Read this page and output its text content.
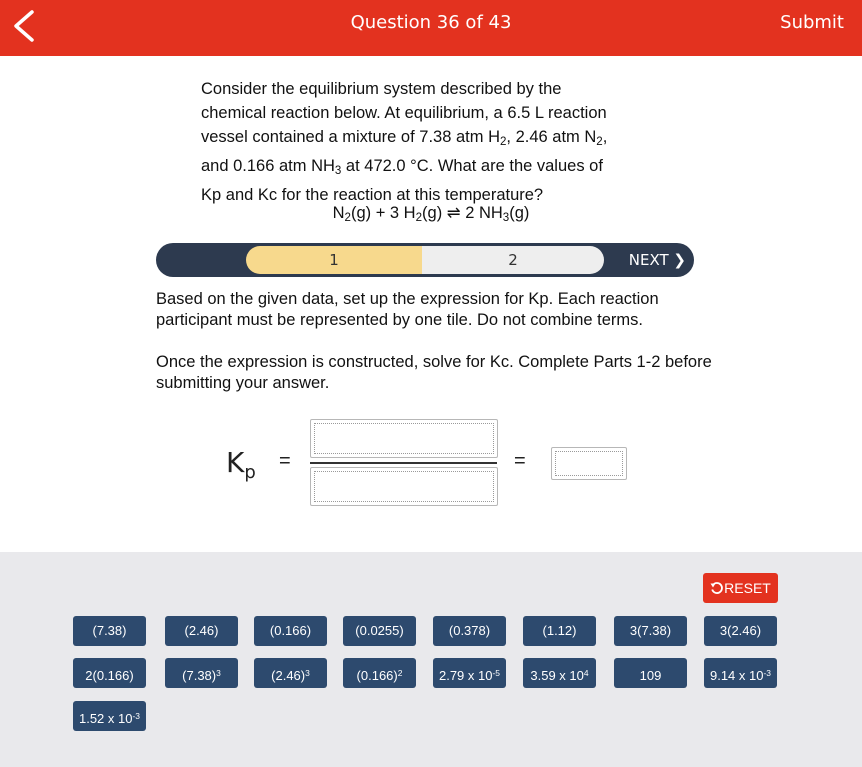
Question 36 of 43	Submit
Consider the equilibrium system described by the
chemical reaction below. At equilibrium, a 6.5 L reaction
vessel contained a mixture of 7.38 atm $H_2$, 2.46 atm $N_2$,
and 0.166 atm $NH_3$ at 472.0 °C. What are the values of
Kp and Kc for the reaction at this temperature?
$N_2(g) + 3$ $H_2(g)$ ⇌ 2 $NH_3(g)$
1	2	NEXT ❯
Based on the given data, set up the expression for Kp. Each reaction participant must be represented by one tile. Do not combine terms.
Once the expression is constructed, solve for Kc. Complete Parts 1-2 before submitting your answer.
$K_p$
=	=
RESET
(7.38)	(2.46)	(0.166)	(0.0255)	(0.378)	(1.12)	3(7.38)	3(2.46)
2(0.166)	$(7.38)^3$	$(2.46)^3$	$(0.166)^2$	2.79 x $10^{-5}$	3.59 x $10^4$	109	9.14 x $10^{-3}$
1.52 x $10^{-3}$
